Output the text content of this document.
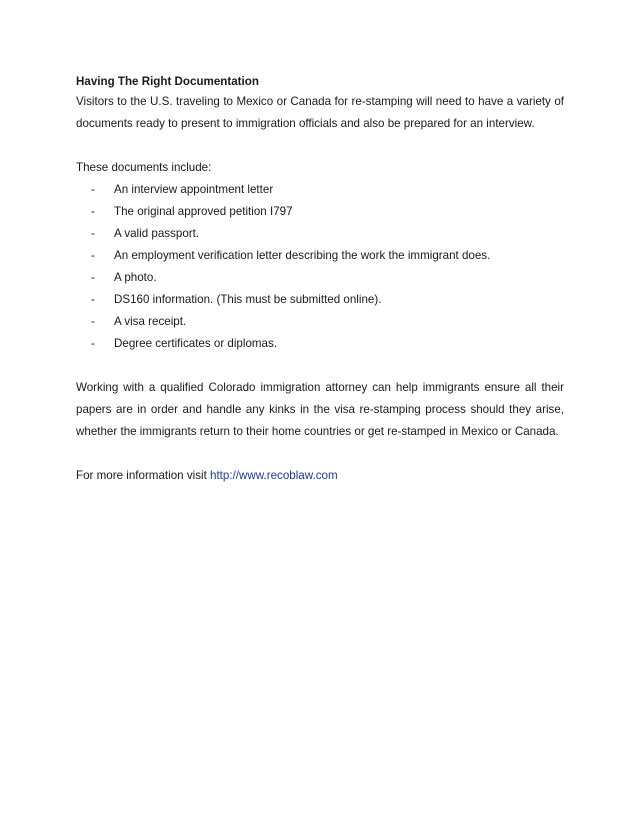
Having The Right Documentation

Visitors to the U.S. traveling to Mexico or Canada for re-stamping will need to have a variety of

documents ready to present to immigration officials and also be prepared for an interview.

These documents include:

- An interview appointment letter
- The original approved petition I797
- A valid passport.
- An employment verification letter describing the work the immigrant does.
- A photo.
- DS160 information. (This must be submitted online).
- A visa receipt.
- Degree certificates or diplomas.

Working with a qualified Colorado immigration attorney can help immigrants ensure all their

papers are in order and handle any kinks in the visa re-stamping process should they arise,

whether the immigrants return to their home countries or get re-stamped in Mexico or Canada.

For more information visit http://www.recoblaw.com
